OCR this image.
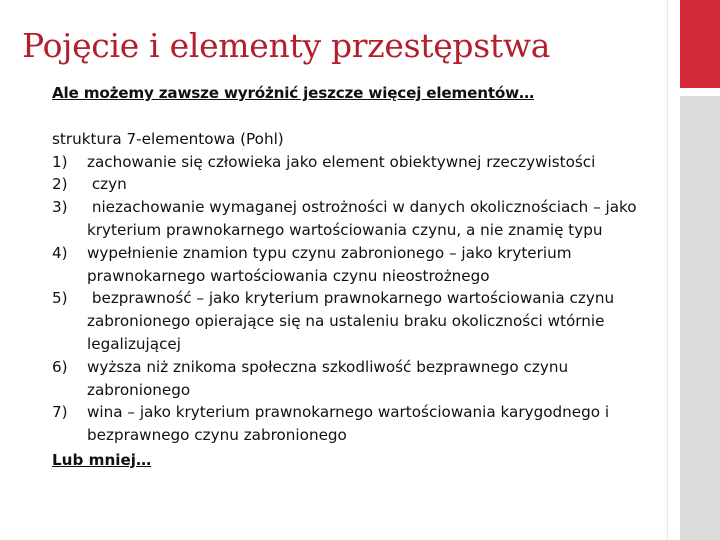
Pojęcie i elementy przestępstwa

Ale możemy zawsze wyróżnić jeszcze więcej elementów…

struktura 7-elementowa (Pohl)

1)	zachowanie się człowieka jako element obiektywnej rzeczywistości
2)	czyn
3)	niezachowanie wymaganej ostrożności w danych okolicznościach – jako kryterium prawnokarnego wartościowania czynu, a nie znamię typu
4)	wypełnienie znamion typu czynu zabronionego – jako kryterium prawnokarnego wartościowania czynu nieostrożnego
5)	bezprawność – jako kryterium prawnokarnego wartościowania czynu zabronionego opierające się na ustaleniu braku okoliczności wtórnie legalizującej
6)	wyższa niż znikoma społeczna szkodliwość bezprawnego czynu zabronionego
7)	wina – jako kryterium prawnokarnego wartościowania karygodnego i bezprawnego czynu zabronionego

Lub mniej…
